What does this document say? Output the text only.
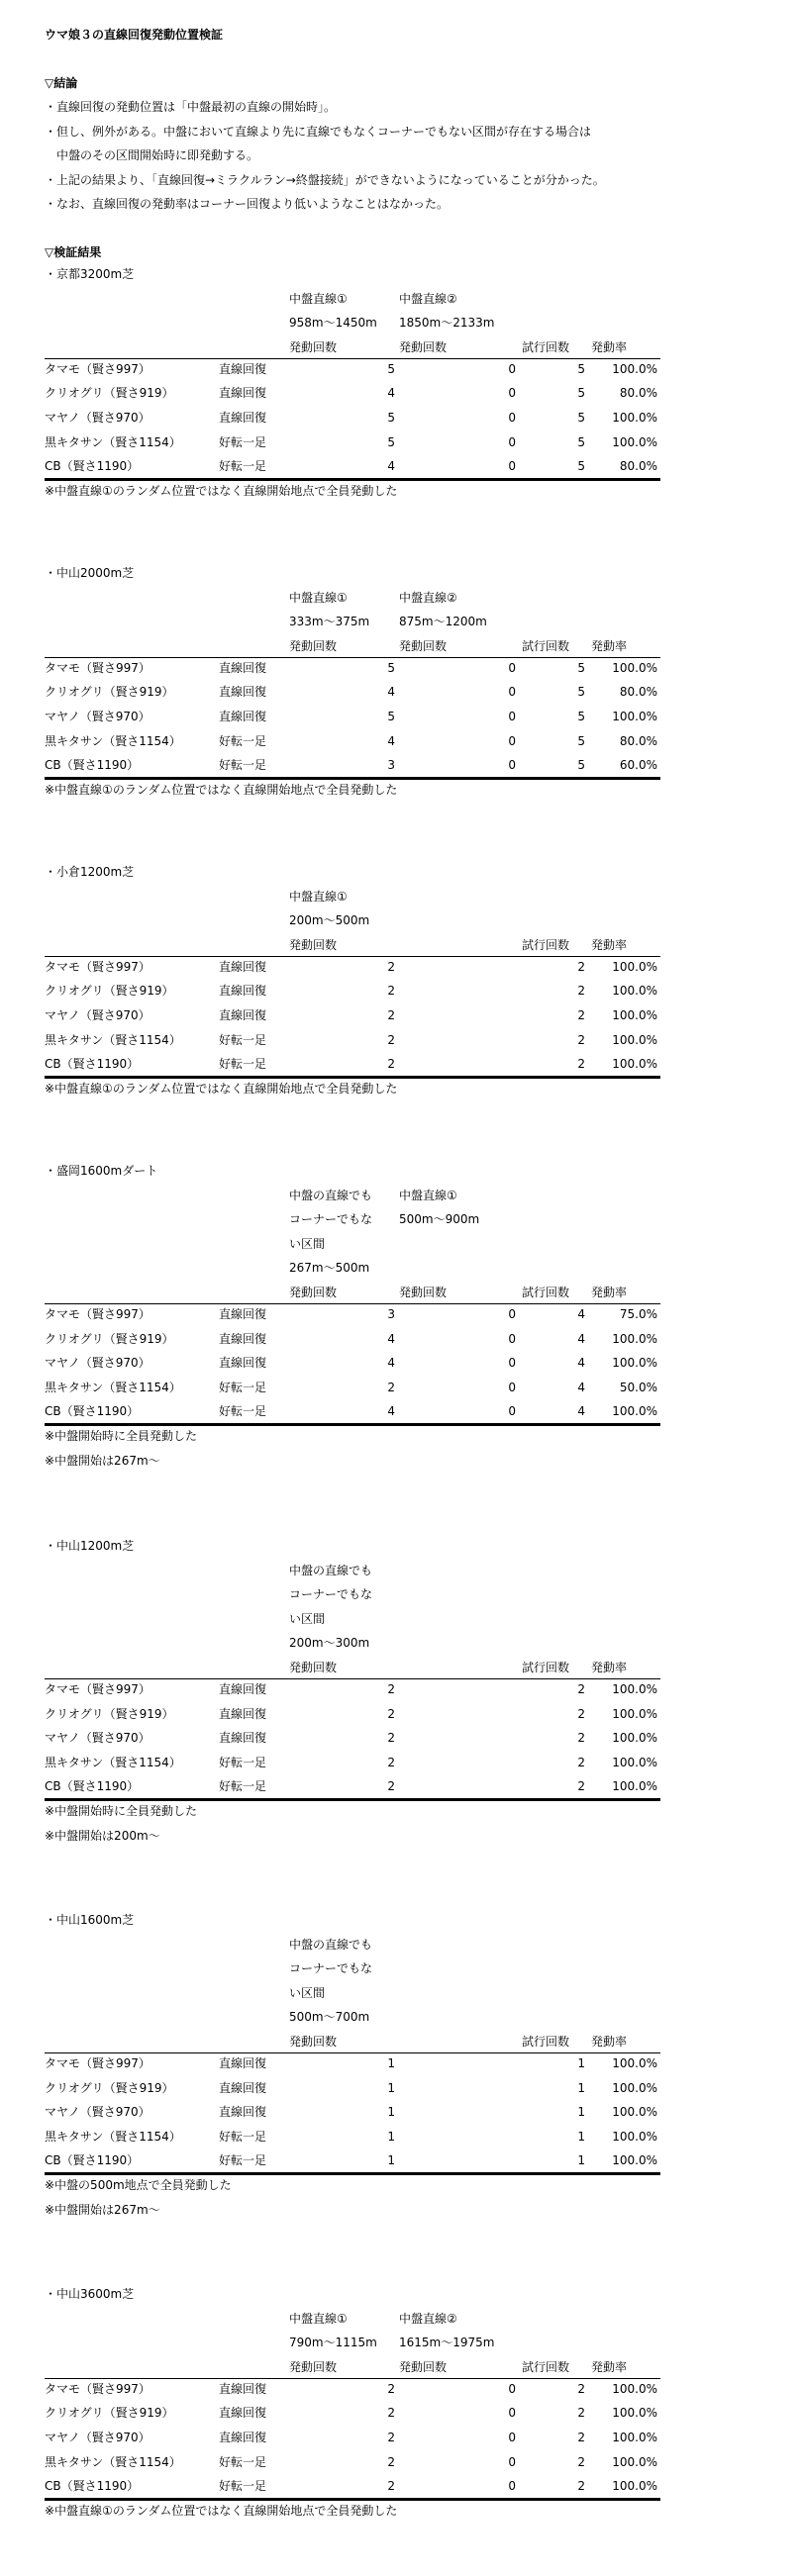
ウマ娘３の直線回復発動位置検証
▽結論
・直線回復の発動位置は「中盤最初の直線の開始時」。
・但し、例外がある。中盤において直線より先に直線でもなくコーナーでもない区間が存在する場合は
　中盤のその区間開始時に即発動する。
・上記の結果より、「直線回復→ミラクルラン→終盤接続」ができないようになっていることが分かった。
・なお、直線回復の発動率はコーナー回復より低いようなことはなかった。
▽検証結果
・京都3200m芝
中盤直線①
958m～1450m
中盤直線②
1850m～2133m
発動回数	発動回数	試行回数 発動率
タマモ（賢さ997）	直線回復	5	0	5 100.0%
クリオグリ（賢さ919）	直線回復	4	0	5	80.0%
マヤノ（賢さ970）	直線回復	5	0	5 100.0%
黒キタサン（賢さ1154）	好転一足	5	0	5 100.0%
CB（賢さ1190）	好転一足	4	0	5	80.0%
※中盤直線①のランダム位置ではなく直線開始地点で全員発動した
・中山2000m芝
中盤直線①
333m～375m
中盤直線②
875m～1200m
発動回数	発動回数	試行回数 発動率
タマモ（賢さ997）	直線回復	5	0	5 100.0%
クリオグリ（賢さ919）	直線回復	4	0	5	80.0%
マヤノ（賢さ970）	直線回復	5	0	5 100.0%
黒キタサン（賢さ1154）	好転一足	4	0	5	80.0%
CB（賢さ1190）	好転一足	3	0	5	60.0%
※中盤直線①のランダム位置ではなく直線開始地点で全員発動した
・小倉1200m芝
中盤直線①
200m～500m
発動回数	試行回数 発動率
タマモ（賢さ997）	直線回復	2	2 100.0%
クリオグリ（賢さ919）	直線回復	2	2 100.0%
マヤノ（賢さ970）	直線回復	2	2 100.0%
黒キタサン（賢さ1154）	好転一足	2	2 100.0%
CB（賢さ1190）	好転一足	2	2 100.0%
※中盤直線①のランダム位置ではなく直線開始地点で全員発動した
・盛岡1600mダート
中盤の直線でも
コーナーでもな
い区間
267m～500m
中盤直線①
500m～900m
発動回数	発動回数	試行回数 発動率
タマモ（賢さ997）	直線回復	3	0	4	75.0%
クリオグリ（賢さ919）	直線回復	4	0	4 100.0%
マヤノ（賢さ970）	直線回復	4	0	4 100.0%
黒キタサン（賢さ1154）	好転一足	2	0	4	50.0%
CB（賢さ1190）	好転一足	4	0	4 100.0%
※中盤開始時に全員発動した
※中盤開始は267m～
・中山1200m芝
中盤の直線でも
コーナーでもな
い区間
200m～300m
発動回数	試行回数 発動率
タマモ（賢さ997）	直線回復	2	2 100.0%
クリオグリ（賢さ919）	直線回復	2	2 100.0%
マヤノ（賢さ970）	直線回復	2	2 100.0%
黒キタサン（賢さ1154）	好転一足	2	2 100.0%
CB（賢さ1190）	好転一足	2	2 100.0%
※中盤開始時に全員発動した
※中盤開始は200m～
・中山1600m芝
中盤の直線でも
コーナーでもな
い区間
500m～700m
発動回数	試行回数 発動率
タマモ（賢さ997）	直線回復	1	1 100.0%
クリオグリ（賢さ919）	直線回復	1	1 100.0%
マヤノ（賢さ970）	直線回復	1	1 100.0%
黒キタサン（賢さ1154）	好転一足	1	1 100.0%
CB（賢さ1190）	好転一足	1	1 100.0%
※中盤の500m地点で全員発動した
※中盤開始は267m～
・中山3600m芝
中盤直線①
790m～1115m
中盤直線②
1615m～1975m
発動回数	発動回数	試行回数 発動率
タマモ（賢さ997）	直線回復	2	0	2 100.0%
クリオグリ（賢さ919）	直線回復	2	0	2 100.0%
マヤノ（賢さ970）	直線回復	2	0	2 100.0%
黒キタサン（賢さ1154）	好転一足	2	0	2 100.0%
CB（賢さ1190）	好転一足	2	0	2 100.0%
※中盤直線①のランダム位置ではなく直線開始地点で全員発動した
